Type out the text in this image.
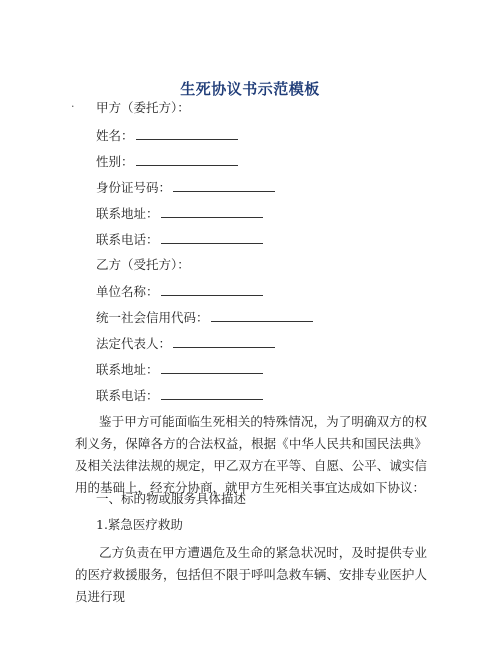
生死协议书示范模板
· 甲方（委托方）：
姓名：
性别：
身份证号码：
联系地址：
联系电话：
乙方（受托方）：
单位名称：
统一社会信用代码：
法定代表人：
联系地址：
联系电话：
鉴于甲方可能面临生死相关的特殊情况，为了明确双方的权利义务，保障各方的合法权益，根据《中华人民共和国民法典》及相关法律法规的规定，甲乙双方在平等、自愿、公平、诚实信用的基础上，经充分协商，就甲方生死相关事宜达成如下协议：
一、标的物或服务具体描述
1.紧急医疗救助
乙方负责在甲方遭遇危及生命的紧急状况时，及时提供专业的医疗救援服务，包括但不限于呼叫急救车辆、安排专业医护人员进行现
